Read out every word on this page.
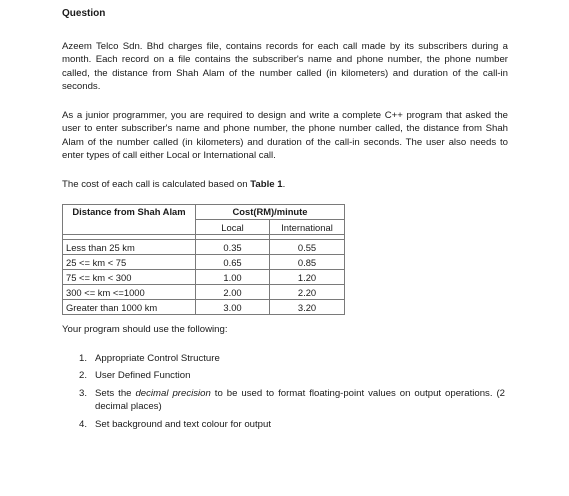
Question
Azeem Telco Sdn. Bhd charges file, contains records for each call made by its subscribers during a month. Each record on a file contains the subscriber's name and phone number, the phone number called, the distance from Shah Alam of the number called (in kilometers) and duration of the call-in seconds.
As a junior programmer, you are required to design and write a complete C++ program that asked the user to enter subscriber's name and phone number, the phone number called, the distance from Shah Alam of the number called (in kilometers) and duration of the call-in seconds. The user also needs to enter types of call either Local or International call.
The cost of each call is calculated based on Table 1.
Distance from Shah Alam	Cost(RM)/minute	
	Local	International

Less than 25 km	0.35	0.55
25 <= km < 75	0.65	0.85
75 <= km < 300	1.00	1.20
300 <= km <=1000	2.00	2.20
Greater than 1000 km	3.00	3.20
Your program should use the following:
1. Appropriate Control Structure
2. User Defined Function
3. Sets the decimal precision to be used to format floating-point values on output operations. (2 decimal places)
4. Set background and text colour for output
